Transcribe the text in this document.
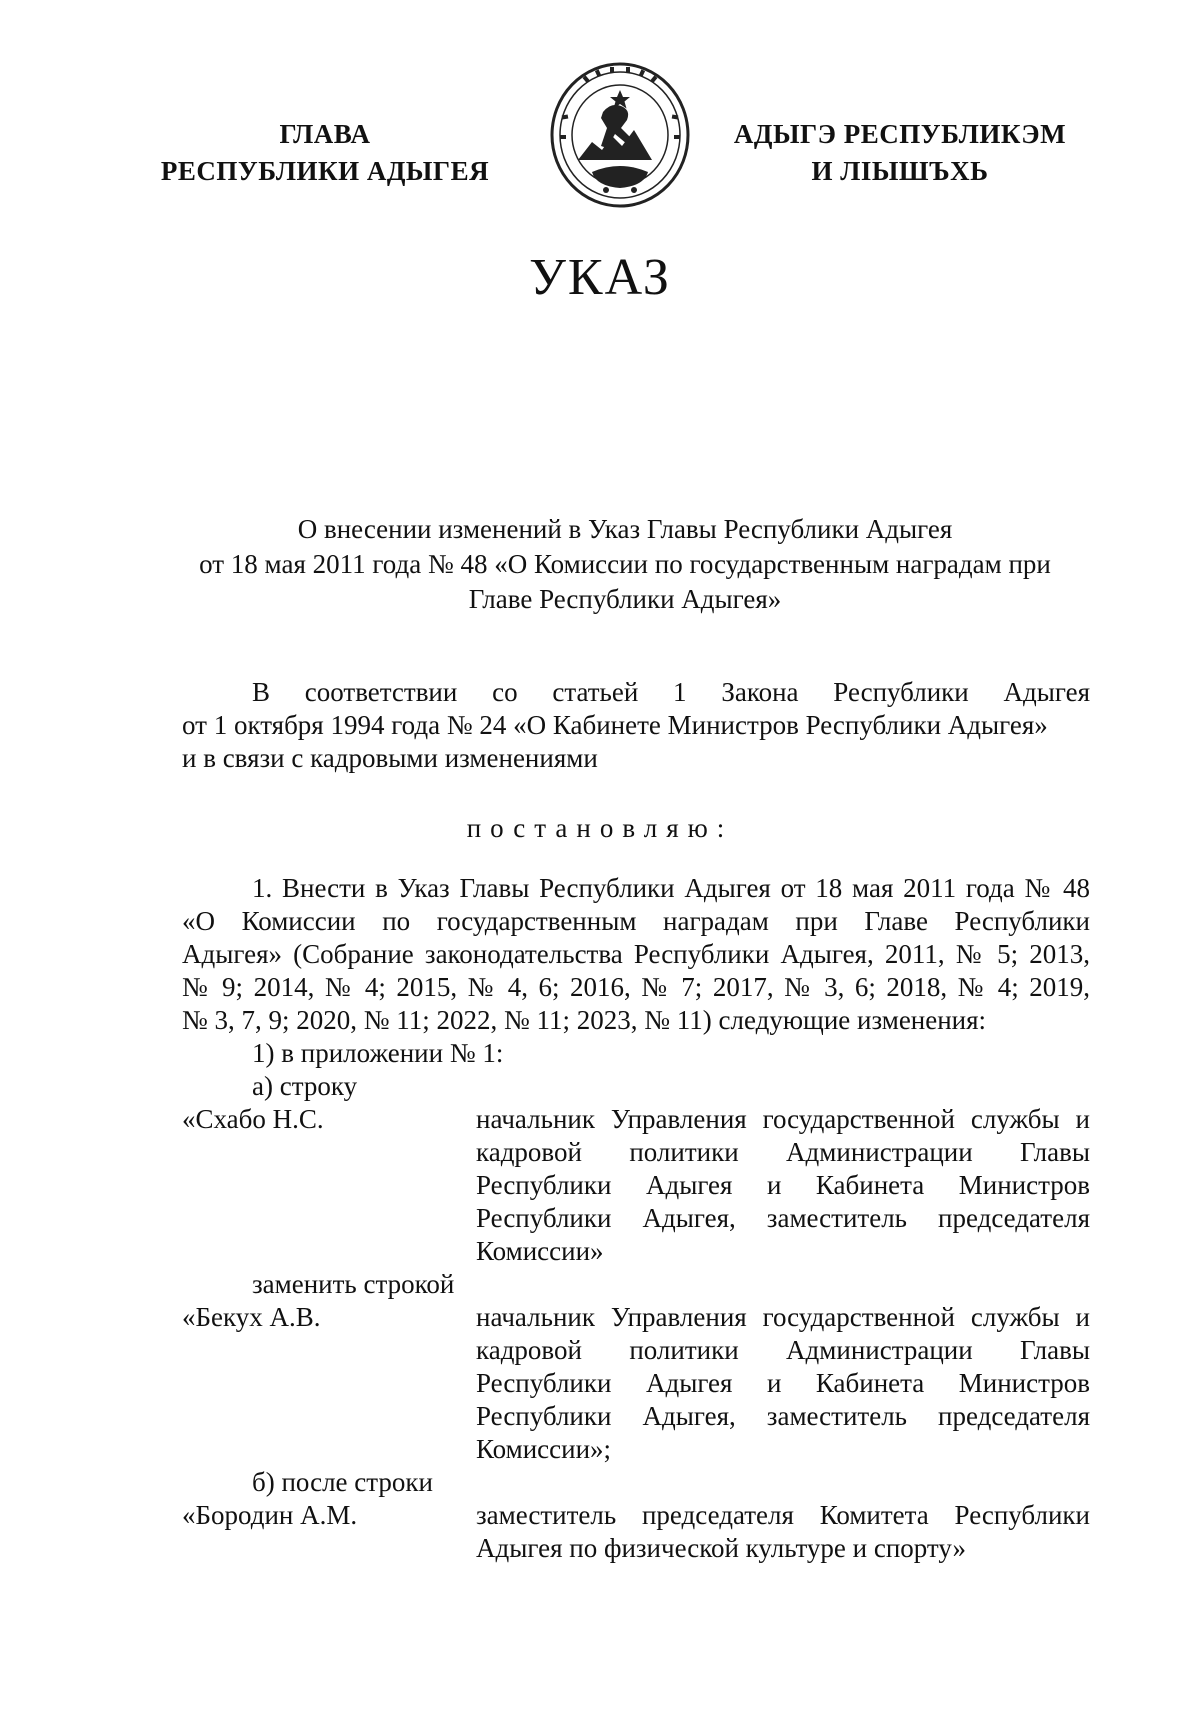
ГЛАВА
РЕСПУБЛИКИ АДЫГЕЯ
АДЫГЭ РЕСПУБЛИКЭМ
И ЛІЫШЪХЬ
УКАЗ
О внесении изменений в Указ Главы Республики Адыгея
от 18 мая 2011 года № 48 «О Комиссии по государственным наградам при
Главе Республики Адыгея»
В соответствии со статьей 1 Закона Республики Адыгея
от 1 октября 1994 года № 24 «О Кабинете Министров Республики Адыгея»
и в связи с кадровыми изменениями
постановляю:
1. Внести в Указ Главы Республики Адыгея от 18 мая 2011 года № 48
«О Комиссии по государственным наградам при Главе Республики
Адыгея» (Собрание законодательства Республики Адыгея, 2011, № 5; 2013,
№ 9; 2014, № 4; 2015, № 4, 6; 2016, № 7; 2017, № 3, 6; 2018, № 4; 2019,
№ 3, 7, 9; 2020, № 11; 2022, № 11; 2023, № 11) следующие изменения:
1) в приложении № 1:
а) строку
«Схабо Н.С.	начальник Управления государственной службы и
кадровой политики Администрации Главы
Республики Адыгея и Кабинета Министров
Республики Адыгея, заместитель председателя
Комиссии»
заменить строкой
«Бекух А.В.	начальник Управления государственной службы и
кадровой политики Администрации Главы
Республики Адыгея и Кабинета Министров
Республики Адыгея, заместитель председателя
Комиссии»;
б) после строки
«Бородин А.М.	заместитель председателя Комитета Республики
Адыгея по физической культуре и спорту»
